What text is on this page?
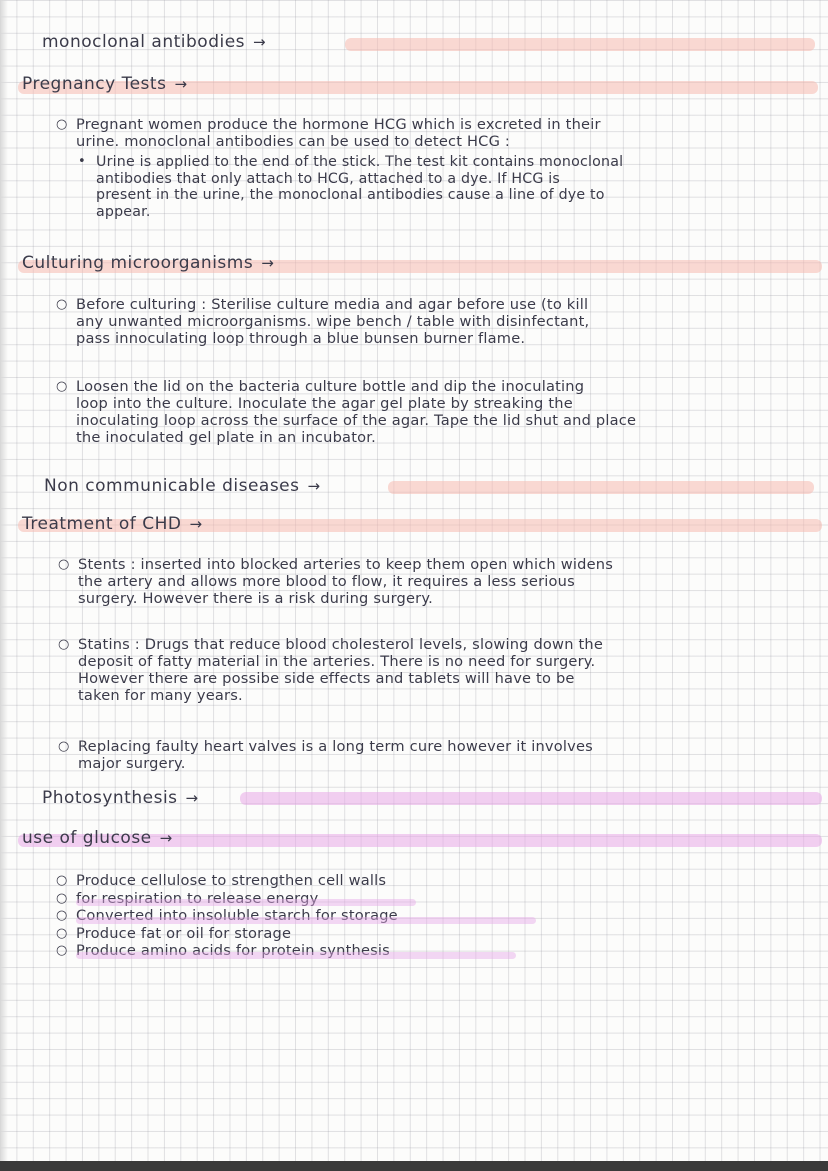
monoclonal antibodies →
Pregnancy Tests →
○ Pregnant women produce the hormone HCG which is excreted in their
urine. monoclonal antibodies can be used to detect HCG :
• Urine is applied to the end of the stick. The test kit contains monoclonal
antibodies that only attach to HCG, attached to a dye. If HCG is
present in the urine, the monoclonal antibodies cause a line of dye to
appear.
Culturing microorganisms →
○ Before culturing : Sterilise culture media and agar before use (to kill
any unwanted microorganisms. wipe bench / table with disinfectant,
pass innoculating loop through a blue bunsen burner flame.
○ Loosen the lid on the bacteria culture bottle and dip the inoculating
loop into the culture. Inoculate the agar gel plate by streaking the
inoculating loop across the surface of the agar. Tape the lid shut and place
the inoculated gel plate in an incubator.
Non communicable diseases →
Treatment of CHD →
○ Stents : inserted into blocked arteries to keep them open which widens
the artery and allows more blood to flow, it requires a less serious
surgery. However there is a risk during surgery.
○ Statins : Drugs that reduce blood cholesterol levels, slowing down the
deposit of fatty material in the arteries. There is no need for surgery.
However there are possibe side effects and tablets will have to be
taken for many years.
○ Replacing faulty heart valves is a long term cure however it involves
major surgery.
Photosynthesis →
use of glucose →
○
○
○
○
○
Produce cellulose to strengthen cell walls
for respiration to release energy
Converted into insoluble starch for storage
Produce fat or oil for storage
Produce amino acids for protein synthesis
